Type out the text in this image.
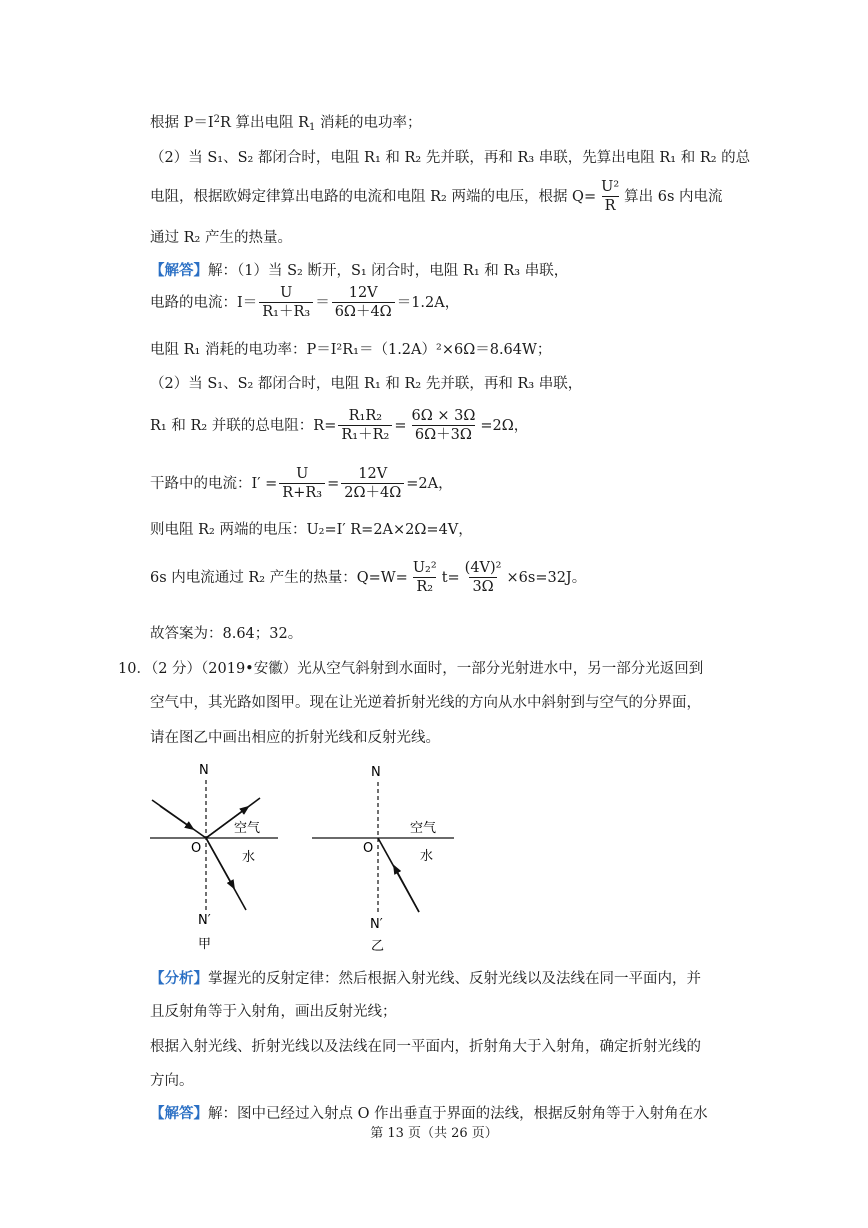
根据 $P=I^2R$ 算出电阻 $R_1$ 消耗的电功率；
（2）当 S₁、S₂ 都闭合时，电阻 R₁ 和 R₂ 先并联，再和 R₃ 串联，先算出电阻 R₁ 和 R₂ 的总
电阻，根据欧姆定律算出电路的电流和电阻 R₂ 两端的电压，根据 $Q= \frac{\text{U²}}{R}$ 算出 6s 内电流
通过 R₂ 产生的热量。
【解答】解：（1）当 S₂ 断开，S₁ 闭合时，电阻 R₁ 和 R₃ 串联，
电路的电流：$I= \frac{U}{\text{R₁＋R₃}} = \frac{12V}{6\Omega+4\Omega} =1.2A$，
电阻 R₁ 消耗的电功率：P＝I²R₁＝（1.2A）²×6Ω＝8.64W；
（2）当 S₁、S₂ 都闭合时，电阻 R₁ 和 R₂ 先并联，再和 R₃ 串联，
R₁ 和 R₂ 并联的总电阻：$R= \frac{\text{R₁R₂}}{\text{R₁＋R₂}} = \frac{6\Omega \times 3\Omega}{6\Omega+3\Omega} =2\Omega$，
干路中的电流：$I' = \frac{U}{\text{R+R₃}} = \frac{12V}{2\Omega+4\Omega} =2A$，
则电阻 R₂ 两端的电压：U₂=I′ R=2A×2Ω=4V，
6s 内电流通过 R₂ 产生的热量：$Q=W= \frac{\text{U₂²}}{\text{R₂}} t= \frac{\text{(4V)²}}{3\Omega} \times 6s=32J$。
故答案为：8.64；32。
10．（2 分）（2019•安徽）光从空气斜射到水面时，一部分光射进水中，另一部分光返回到
空气中，其光路如图甲。现在让光逆着折射光线的方向从水中斜射到与空气的分界面，
请在图乙中画出相应的折射光线和反射光线。
N
O
空气
水
N′
甲
N
O
空气
水
N′
乙
【分析】掌握光的反射定律：然后根据入射光线、反射光线以及法线在同一平面内，并
且反射角等于入射角，画出反射光线；
根据入射光线、折射光线以及法线在同一平面内，折射角大于入射角，确定折射光线的
方向。
【解答】解：图中已经过入射点 O 作出垂直于界面的法线，根据反射角等于入射角在水
第 13 页（共 26 页）
